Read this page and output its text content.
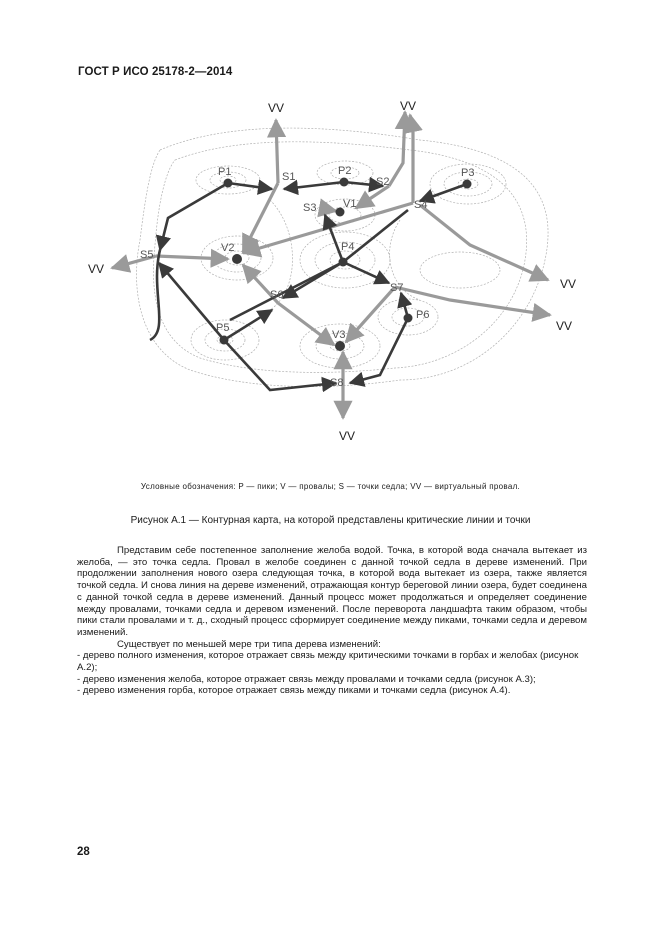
ГОСТ Р ИСО 25178-2—2014
P1	P2	P3
P4
P5
P6
S1	S2
S3	S4
S5
S6
S7
S8
V1
V2
V3
VV	VV
VV
VV
VV
VV
Условные обозначения: P — пики; V — провалы; S — точки седла; VV — виртуальный провал.
Рисунок А.1 — Контурная карта, на которой представлены критические линии и точки

Представим себе постепенное заполнение желоба водой. Точка, в которой вода сначала вытекает из желоба, — это точка седла. Провал в желобе соединен с данной точкой седла в дереве изменений. При продолжении заполнения нового озера следующая точка, в которой вода вытекает из озера, также является точкой седла. И снова линия на дереве изменений, отражающая контур береговой линии озера, будет соединена с данной точкой седла в дереве изменений. Данный процесс может продолжаться и определяет соединение между провалами, точками седла и деревом изменений. После переворота ландшафта таким образом, чтобы пики стали провалами и т. д., сходный процесс сформирует соединение между пиками, точками седла и деревом изменений.

Существует по меньшей мере три типа дерева изменений:

- дерево полного изменения, которое отражает связь между критическими точками в горбах и желобах (рисунок А.2);

- дерево изменения желоба, которое отражает связь между провалами и точками седла (рисунок А.3);

- дерево изменения горба, которое отражает связь между пиками и точками седла (рисунок А.4).

28
